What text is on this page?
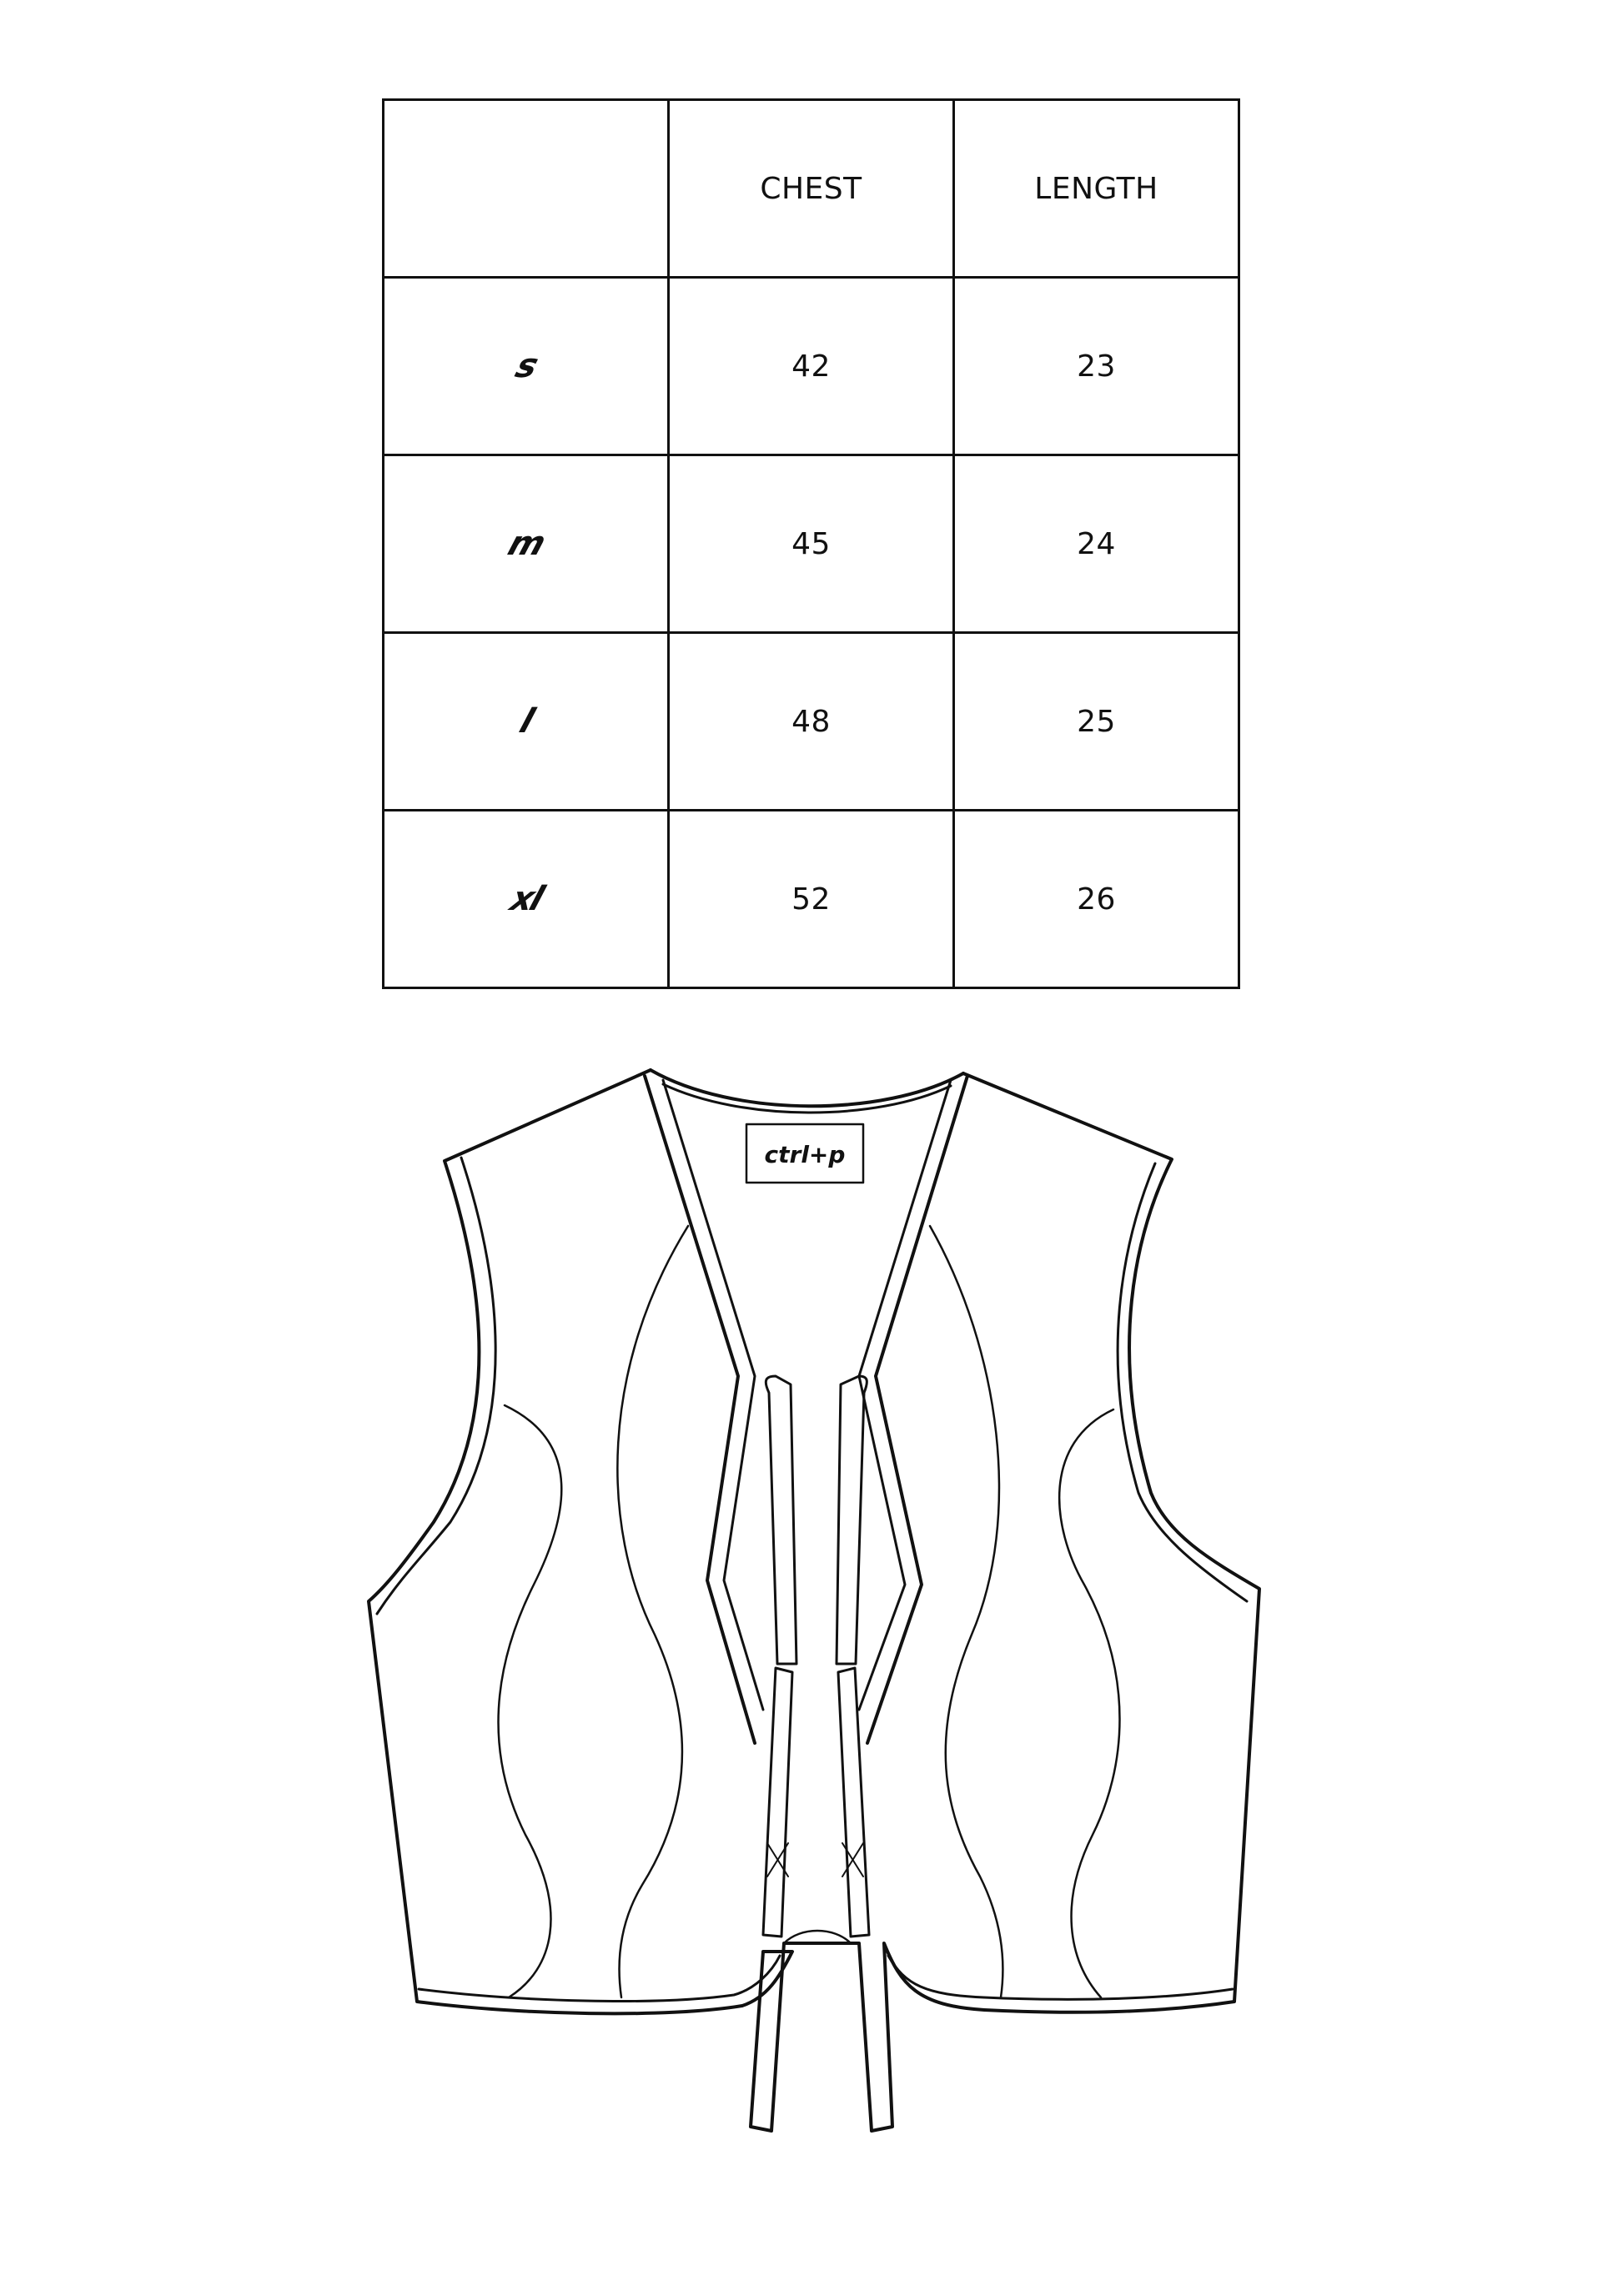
	CHEST	LENGTH
s	42	23
m	45	24
l	48	25
xl	52	26
ctrl+p
